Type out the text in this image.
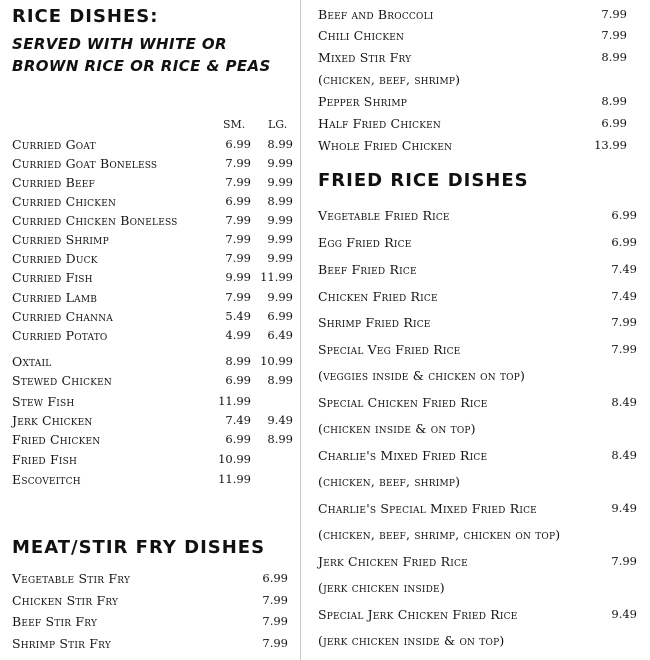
RICE DISHES:
SERVED WITH WHITE OR
BROWN RICE OR RICE & PEAS
SM. LG.
Curried Goat	6.99	8.99
Curried Goat Boneless	7.99	9.99
Curried Beef	7.99	9.99
Curried Chicken	6.99	8.99
Curried Chicken Boneless	7.99	9.99
Curried Shrimp	7.99	9.99
Curried Duck	7.99	9.99
Curried Fish	9.99 11.99
Curried Lamb	7.99	9.99
Curried Channa	5.49	6.99
Curried Potato	4.99	6.49
Oxtail	8.99 10.99
Stewed Chicken	6.99	8.99
Stew Fish	11.99
Jerk Chicken	7.49	9.49
Fried Chicken	6.99	8.99
Fried Fish	10.99
Escoveitch	11.99
MEAT/STIR FRY DISHES
Vegetable Stir Fry	6.99
Chicken Stir Fry	7.99
Beef Stir Fry	7.99
Shrimp Stir Fry	7.99
Beef and Broccoli	7.99
Chili Chicken	7.99
Mixed Stir Fry	8.99
(chicken, beef, shrimp)
Pepper Shrimp	8.99
Half Fried Chicken	6.99
Whole Fried Chicken	13.99
FRIED RICE DISHES
Vegetable Fried Rice	6.99
Egg Fried Rice	6.99
Beef Fried Rice	7.49
Chicken Fried Rice	7.49
Shrimp Fried Rice	7.99
Special Veg Fried Rice	7.99
(veggies inside & chicken on top)
Special Chicken Fried Rice	8.49
(chicken inside & on top)
Charlie's Mixed Fried Rice	8.49
(chicken, beef, shrimp)
Charlie's Special Mixed Fried Rice	9.49
(chicken, beef, shrimp, chicken on top)
Jerk Chicken Fried Rice	7.99
(jerk chicken inside)
Special Jerk Chicken Fried Rice	9.49
(jerk chicken inside & on top)
